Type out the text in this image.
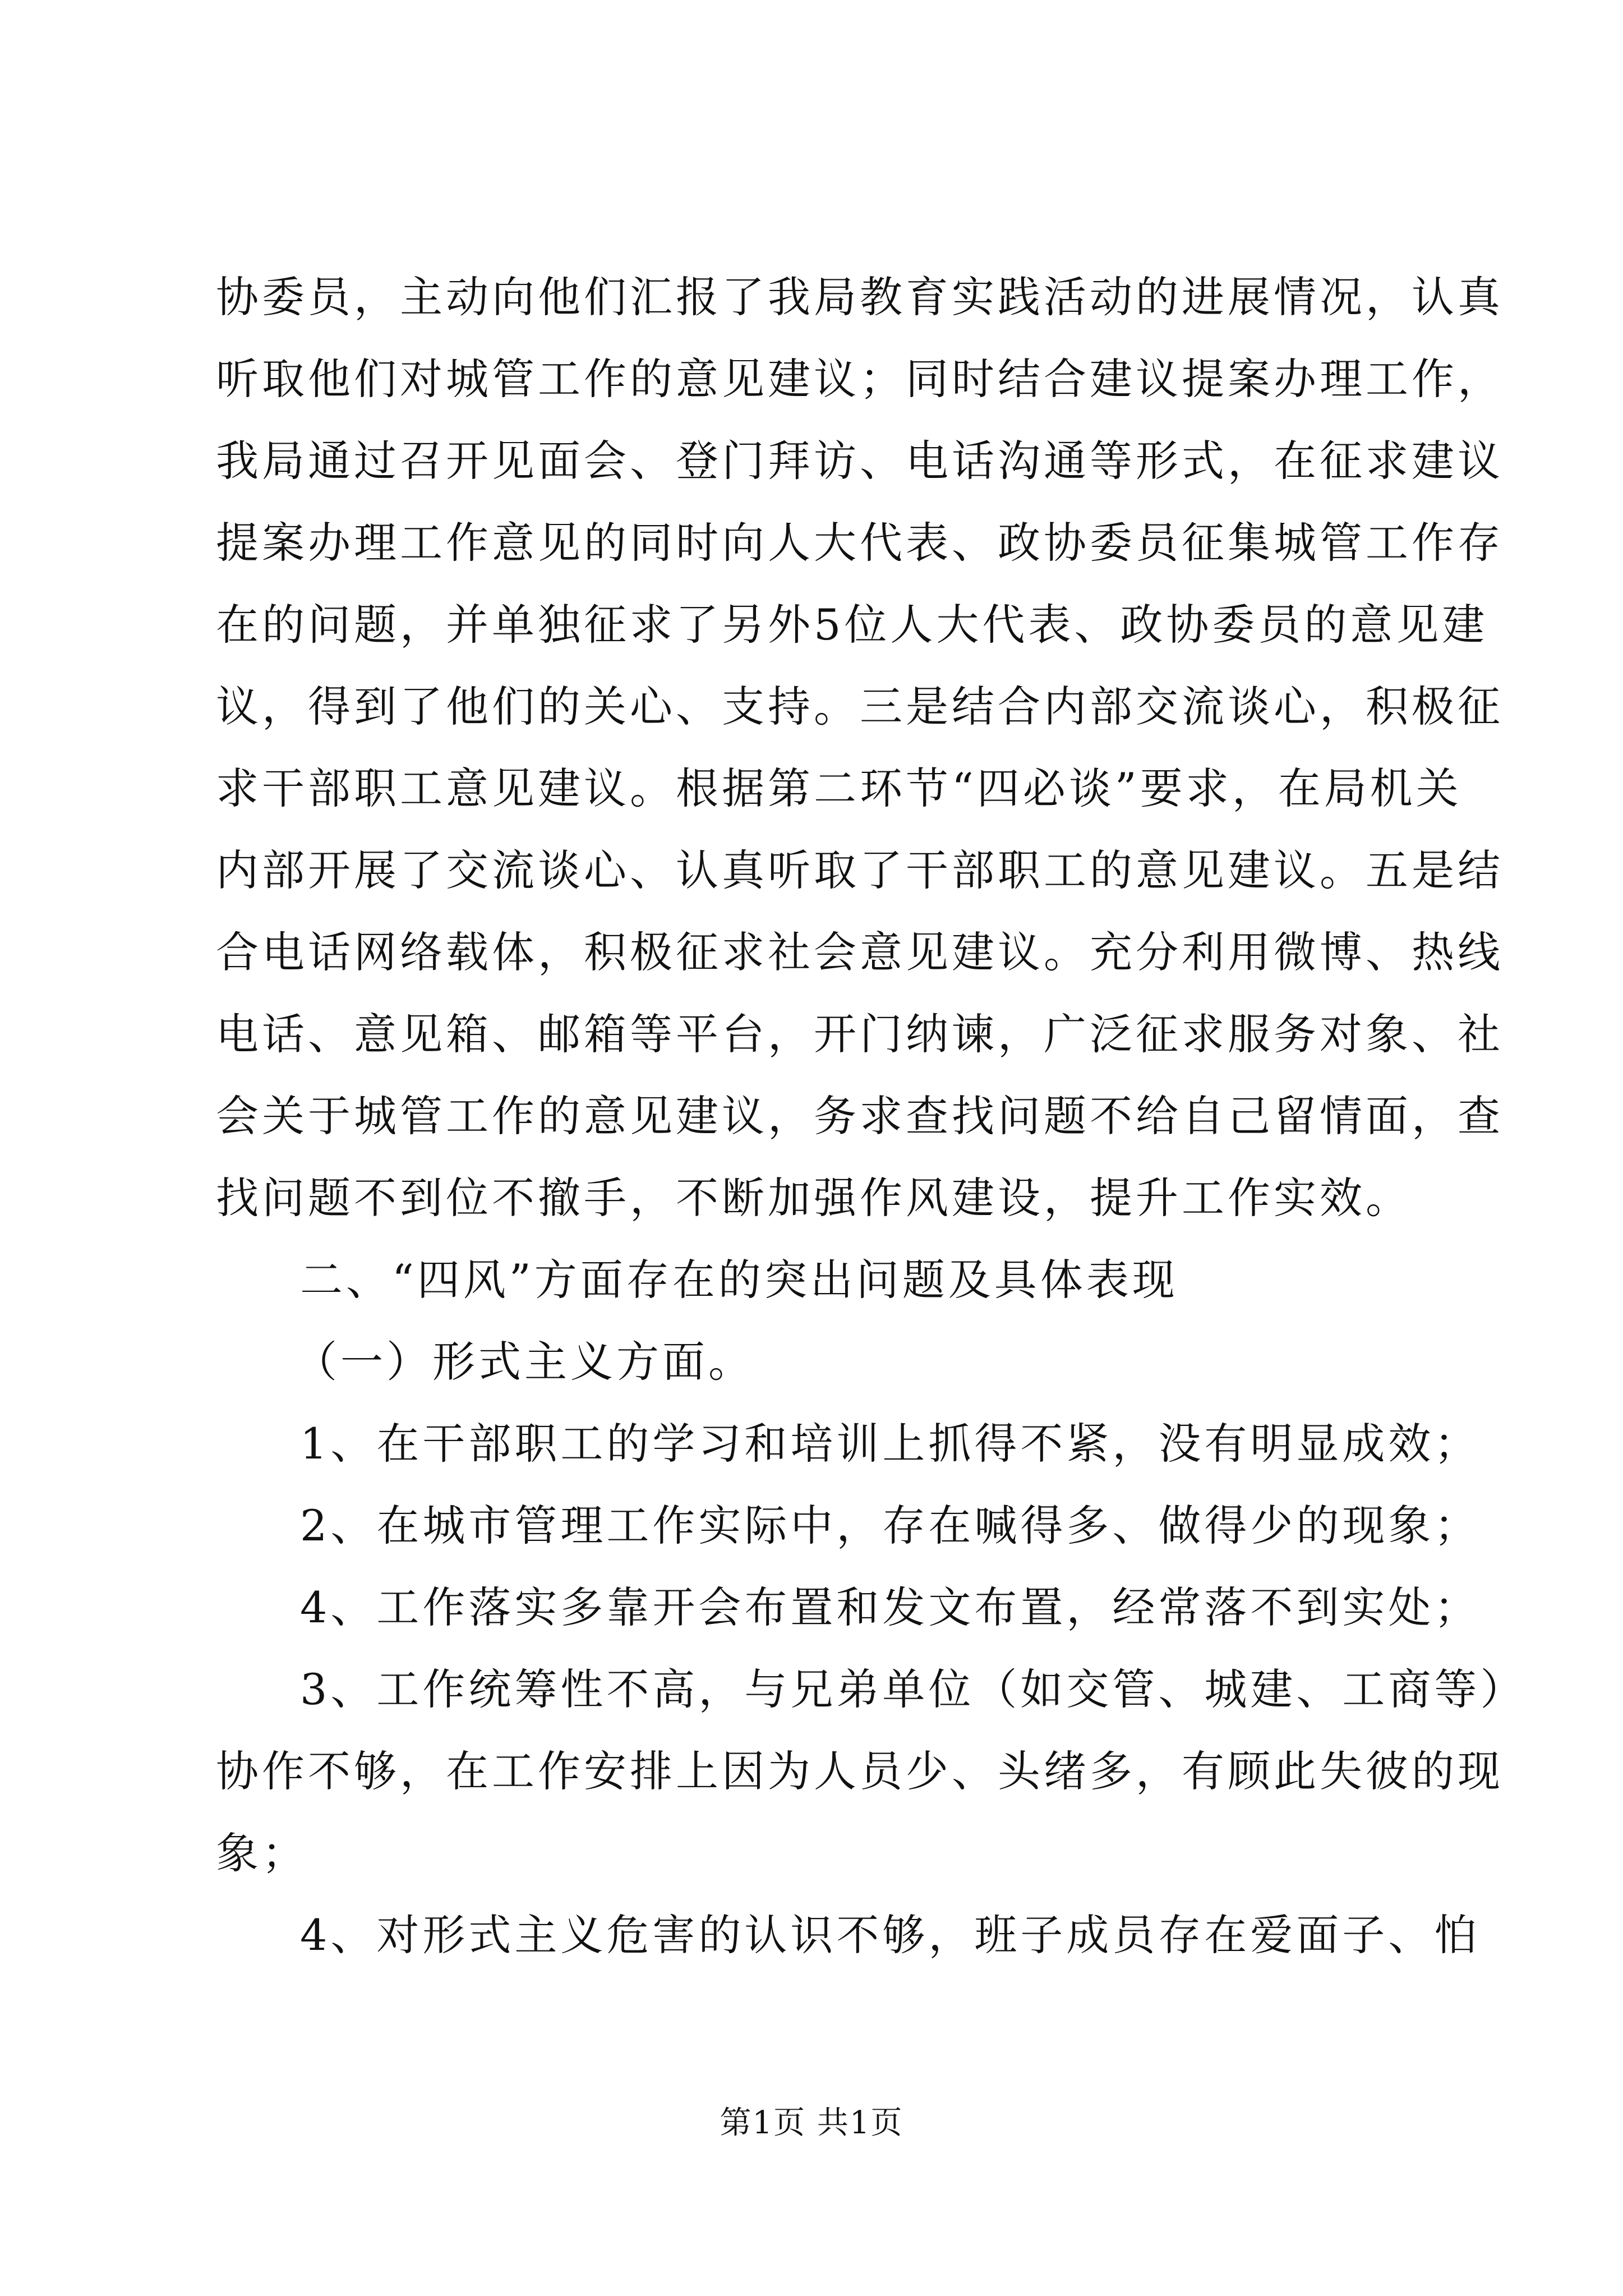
协委员，主动向他们汇报了我局教育实践活动的进展情况，认真
听取他们对城管工作的意见建议；同时结合建议提案办理工作，
我局通过召开见面会、登门拜访、电话沟通等形式，在征求建议
提案办理工作意见的同时向人大代表、政协委员征集城管工作存
在的问题，并单独征求了另外5位人大代表、政协委员的意见建
议，得到了他们的关心、支持。三是结合内部交流谈心，积极征
求干部职工意见建议。根据第二环节“四必谈”要求，在局机关
内部开展了交流谈心、认真听取了干部职工的意见建议。五是结
合电话网络载体，积极征求社会意见建议。充分利用微博、热线
电话、意见箱、邮箱等平台，开门纳谏，广泛征求服务对象、社
会关于城管工作的意见建议，务求查找问题不给自己留情面，查
找问题不到位不撤手，不断加强作风建设，提升工作实效。
二、“四风”方面存在的突出问题及具体表现
（一）形式主义方面。
1、在干部职工的学习和培训上抓得不紧，没有明显成效；
2、在城市管理工作实际中，存在喊得多、做得少的现象；
4、工作落实多靠开会布置和发文布置，经常落不到实处；
3、工作统筹性不高，与兄弟单位（如交管、城建、工商等）
协作不够，在工作安排上因为人员少、头绪多，有顾此失彼的现
象；
4、对形式主义危害的认识不够，班子成员存在爱面子、怕
第1页 共1页
